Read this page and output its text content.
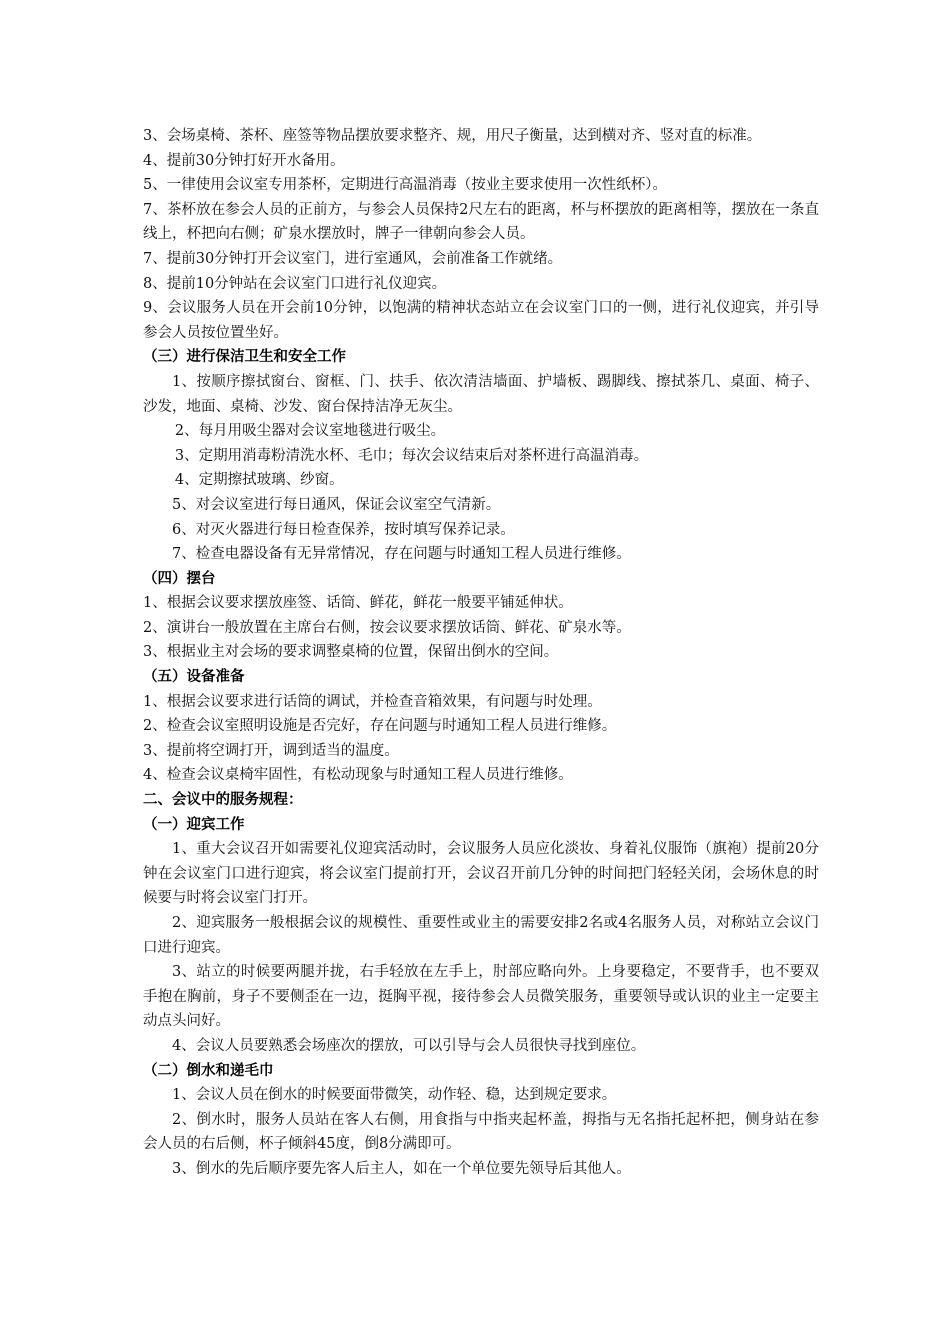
3、会场桌椅、茶杯、座签等物品摆放要求整齐、规，用尺子衡量，达到横对齐、竖对直的标准。

4、提前30分钟打好开水备用。

5、一律使用会议室专用茶杯，定期进行高温消毒（按业主要求使用一次性纸杯）。

7、茶杯放在参会人员的正前方，与参会人员保持2尺左右的距离，杯与杯摆放的距离相等，摆放在一条直线上，杯把向右侧；矿泉水摆放时，牌子一律朝向参会人员。

7、提前30分钟打开会议室门，进行室通风，会前准备工作就绪。

8、提前10分钟站在会议室门口进行礼仪迎宾。

9、会议服务人员在开会前10分钟，以饱满的精神状态站立在会议室门口的一侧，进行礼仪迎宾，并引导参会人员按位置坐好。

（三）进行保洁卫生和安全工作

1、按顺序擦拭窗台、窗框、门、扶手、依次清洁墙面、护墙板、踢脚线、擦拭茶几、桌面、椅子、沙发，地面、桌椅、沙发、窗台保持洁净无灰尘。

2、每月用吸尘器对会议室地毯进行吸尘。

3、定期用消毒粉清洗水杯、毛巾；每次会议结束后对茶杯进行高温消毒。

4、定期擦拭玻璃、纱窗。

5、对会议室进行每日通风，保证会议室空气清新。

6、对灭火器进行每日检查保养，按时填写保养记录。

7、检查电器设备有无异常情况，存在问题与时通知工程人员进行维修。

（四）摆台

1、根据会议要求摆放座签、话筒、鲜花，鲜花一般要平铺延伸状。

2、演讲台一般放置在主席台右侧，按会议要求摆放话筒、鲜花、矿泉水等。

3、根据业主对会场的要求调整桌椅的位置，保留出倒水的空间。

（五）设备准备

1、根据会议要求进行话筒的调试，并检查音箱效果，有问题与时处理。

2、检查会议室照明设施是否完好，存在问题与时通知工程人员进行维修。

3、提前将空调打开，调到适当的温度。

4、检查会议桌椅牢固性，有松动现象与时通知工程人员进行维修。

二、会议中的服务规程：

（一）迎宾工作

1、重大会议召开如需要礼仪迎宾活动时，会议服务人员应化淡妆、身着礼仪服饰（旗袍）提前20分钟在会议室门口进行迎宾，将会议室门提前打开，会议召开前几分钟的时间把门轻轻关闭，会场休息的时候要与时将会议室门打开。

2、迎宾服务一般根据会议的规模性、重要性或业主的需要安排2名或4名服务人员，对称站立会议门口进行迎宾。

3、站立的时候要两腿并拢，右手轻放在左手上，肘部应略向外。上身要稳定，不要背手，也不要双手抱在胸前，身子不要侧歪在一边，挺胸平视，接待参会人员微笑服务，重要领导或认识的业主一定要主动点头问好。

4、会议人员要熟悉会场座次的摆放，可以引导与会人员很快寻找到座位。

（二）倒水和递毛巾

1、会议人员在倒水的时候要面带微笑，动作轻、稳，达到规定要求。

2、倒水时，服务人员站在客人右侧，用食指与中指夹起杯盖，拇指与无名指托起杯把，侧身站在参会人员的右后侧，杯子倾斜45度，倒8分满即可。

3、倒水的先后顺序要先客人后主人，如在一个单位要先领导后其他人。
